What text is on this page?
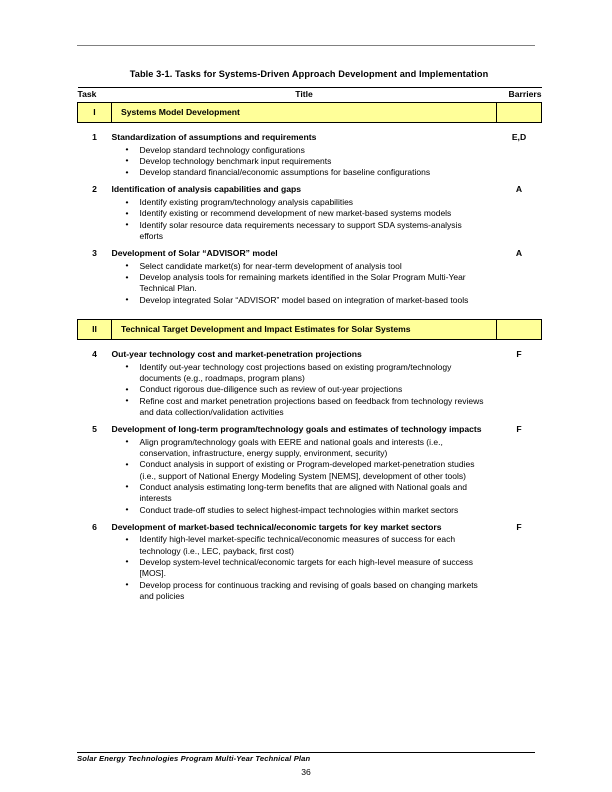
Table 3-1. Tasks for Systems-Driven Approach Development and Implementation
Task	Title	Barriers
I	Systems Model Development	

1	Standardization of assumptions and requirements
• Develop standard technology configurations
• Develop technology benchmark input requirements
• Develop standard financial/economic assumptions for baseline configurations
	E,D

2	Identification of analysis capabilities and gaps
• Identify existing program/technology analysis capabilities
• Identify existing or recommend development of new market-based systems models
• Identify solar resource data requirements necessary to support SDA systems-analysis efforts
	A

3	Development of Solar “ADVISOR” model
• Select candidate market(s) for near-term development of analysis tool
• Develop analysis tools for remaining markets identified in the Solar Program Multi-Year Technical Plan.
• Develop integrated Solar “ADVISOR” model based on integration of market-based tools
	A

II	Technical Target Development and Impact Estimates for Solar Systems	

4	Out-year technology cost and market-penetration projections
• Identify out-year technology cost projections based on existing program/technology documents (e.g., roadmaps, program plans)
• Conduct rigorous due-diligence such as review of out-year projections
• Refine cost and market penetration projections based on feedback from technology reviews and data collection/validation activities
	F

5	Development of long-term program/technology goals and estimates of technology impacts
• Align program/technology goals with EERE and national goals and interests (i.e., conservation, infrastructure, energy supply, environment, security)
• Conduct analysis in support of existing or Program-developed market-penetration studies (i.e., support of National Energy Modeling System [NEMS], development of other tools)
• Conduct analysis estimating long-term benefits that are aligned with National goals and interests
• Conduct trade-off studies to select highest-impact technologies within market sectors
	F

6	Development of market-based technical/economic targets for key market sectors
• Identify high-level market-specific technical/economic measures of success for each technology (i.e., LEC, payback, first cost)
• Develop system-level technical/economic targets for each high-level measure of success [MOS].
• Develop process for continuous tracking and revising of goals based on changing markets and policies
	F
Solar Energy Technologies Program Multi-Year Technical Plan
36
